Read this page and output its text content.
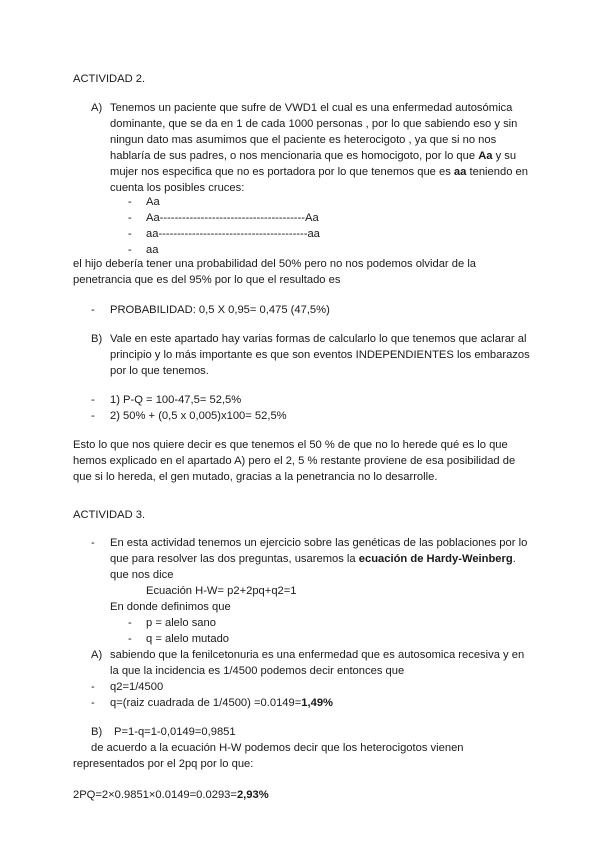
ACTIVIDAD 2.
A) Tenemos un paciente que sufre de VWD1 el cual es una enfermedad autosómica
dominante, que se da en 1 de cada 1000 personas , por lo que sabiendo eso y sin
ningun dato mas asumimos que el paciente es heterocigoto , ya que si no nos
hablaría de sus padres, o nos mencionaria que es homocigoto, por lo que Aa y su
mujer nos especifica que no es portadora por lo que tenemos que es aa teniendo en
cuenta los posibles cruces:
- Aa
- Aa---------------------------------------Aa
- aa----------------------------------------aa
- aa
el hijo debería tener una probabilidad del 50% pero no nos podemos olvidar de la
penetrancia que es del 95% por lo que el resultado es
- PROBABILIDAD: 0,5 X 0,95= 0,475 (47,5%)
B) Vale en este apartado hay varias formas de calcularlo lo que tenemos que aclarar al
principio y lo más importante es que son eventos INDEPENDIENTES los embarazos
por lo que tenemos.
- 1) P-Q = 100-47,5= 52,5%
- 2) 50% + (0,5 x 0,005)x100= 52,5%
Esto lo que nos quiere decir es que tenemos el 50 % de que no lo herede qué es lo que
hemos explicado en el apartado A) pero el 2, 5 % restante proviene de esa posibilidad de
que si lo hereda, el gen mutado, gracias a la penetrancia no lo desarrolle.
ACTIVIDAD 3.
- En esta actividad tenemos un ejercicio sobre las genéticas de las poblaciones por lo
que para resolver las dos preguntas, usaremos la ecuación de Hardy-Weinberg.
que nos dice
Ecuación H-W= p2+2pq+q2=1
En donde definimos que
- p = alelo sano
- q = alelo mutado
A) sabiendo que la fenilcetonuria es una enfermedad que es autosomica recesiva y en
la que la incidencia es 1/4500 podemos decir entonces que
- q2=1/4500
- q=(raiz cuadrada de 1/4500) =0.0149=1,49%
B) P=1-q=1-0,0149=0,9851
de acuerdo a la ecuación H-W podemos decir que los heterocigotos vienen
representados por el 2pq por lo que:
2PQ=2×0.9851×0.0149=0.0293=2,93%
